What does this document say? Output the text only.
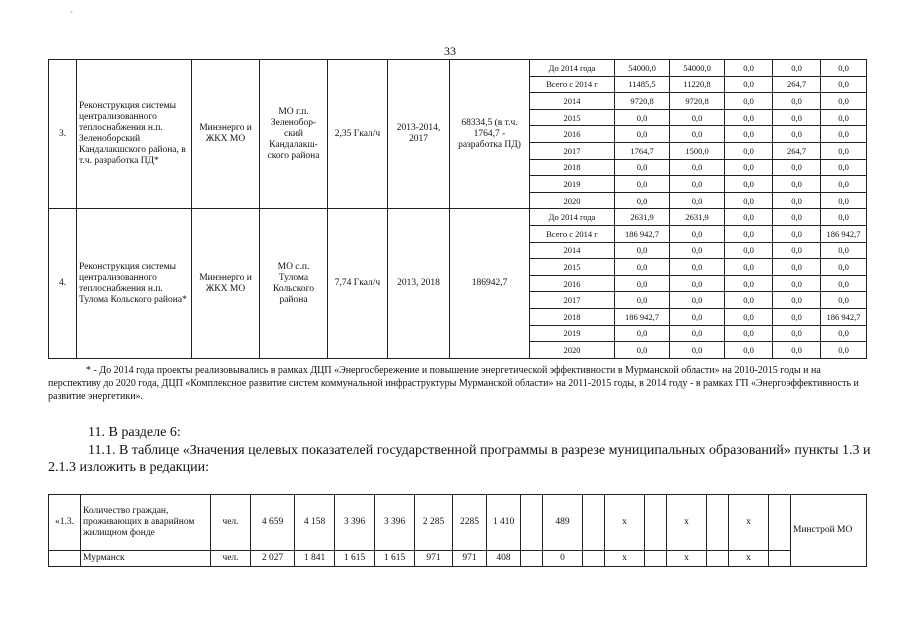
˜
33
3.	Реконструкция системы централизованного теплоснабжения н.п. Зеленоборский Кандалакшского района, в т.ч. разработка ПД*	Минэнерго и ЖКХ МО	МО г.п. Зеленобор-ский Кандалакш-ского района	2,35 Гкал/ч	2013-2014, 2017	68334,5 (в т.ч. 1764,7 - разработка ПД)	До 2014 года	54000,0	54000,0	0,0	0,0	0,0
							Всего с 2014 г	11485,5	11220,8	0,0	264,7	0,0
							2014	9720,8	9720,8	0,0	0,0	0,0
							2015	0,0	0,0	0,0	0,0	0,0
							2016	0,0	0,0	0,0	0,0	0,0
							2017	1764,7	1500,0	0,0	264,7	0,0
							2018	0,0	0,0	0,0	0,0	0,0
							2019	0,0	0,0	0,0	0,0	0,0
							2020	0,0	0,0	0,0	0,0	0,0
4.	Реконструкция системы централизованного теплоснабжения н.п. Тулома Кольского района*	Минэнерго и ЖКХ МО	МО с.п. Тулома Кольского района	7,74 Гкал/ч	2013, 2018	186942,7	До 2014 года	2631,9	2631,9	0,0	0,0	0,0
							Всего с 2014 г	186 942,7	0,0	0,0	0,0	186 942,7
							2014	0,0	0,0	0,0	0,0	0,0
							2015	0,0	0,0	0,0	0,0	0,0
							2016	0,0	0,0	0,0	0,0	0,0
							2017	0,0	0,0	0,0	0,0	0,0
							2018	186 942,7	0,0	0,0	0,0	186 942,7
							2019	0,0	0,0	0,0	0,0	0,0
							2020	0,0	0,0	0,0	0,0	0,0
* - До 2014 года проекты реализовывались в рамках ДЦП «Энергосбережение и повышение энергетической эффективности в Мурманской области» на 2010-2015 годы и на перспективу до 2020 года, ДЦП «Комплексное развитие систем коммунальной инфраструктуры Мурманской области» на 2011-2015 годы, в 2014 году - в рамках ГП «Энергоэффективность и развитие энергетики».
11. В разделе 6:
11.1. В таблице «Значения целевых показателей государственной программы в разрезе муниципальных образований» пункты 1.3 и 2.1.3 изложить в редакции:
«1.3.	Количество граждан, проживающих в аварийном жилищном фонде	чел.	4 659	4 158	3 396	3 396	2 285	2285	1 410		489		x		x		x		Минстрой МО
	Мурманск	чел.	2 027	1 841	1 615	1 615	971	971	408		0		x		x		x		
